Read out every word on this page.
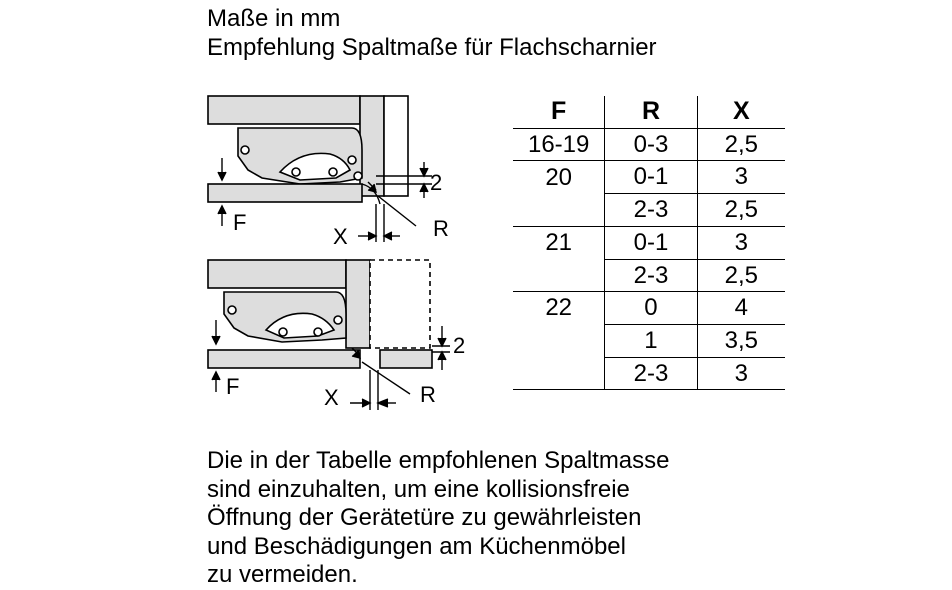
Maße in mm
Empfehlung Spaltmaße für Flachscharnier
2
F
X	R
2
F	X	R
F	R	X
16-19	0-3	2,5
20	0-1	3
	2-3	2,5
21	0-1	3
	2-3	2,5
22	0	4
	1	3,5
	2-3	3
Die in der Tabelle empfohlenen Spaltmasse
sind einzuhalten, um eine kollisionsfreie
Öffnung der Gerätetüre zu gewährleisten
und Beschädigungen am Küchenmöbel
zu vermeiden.
